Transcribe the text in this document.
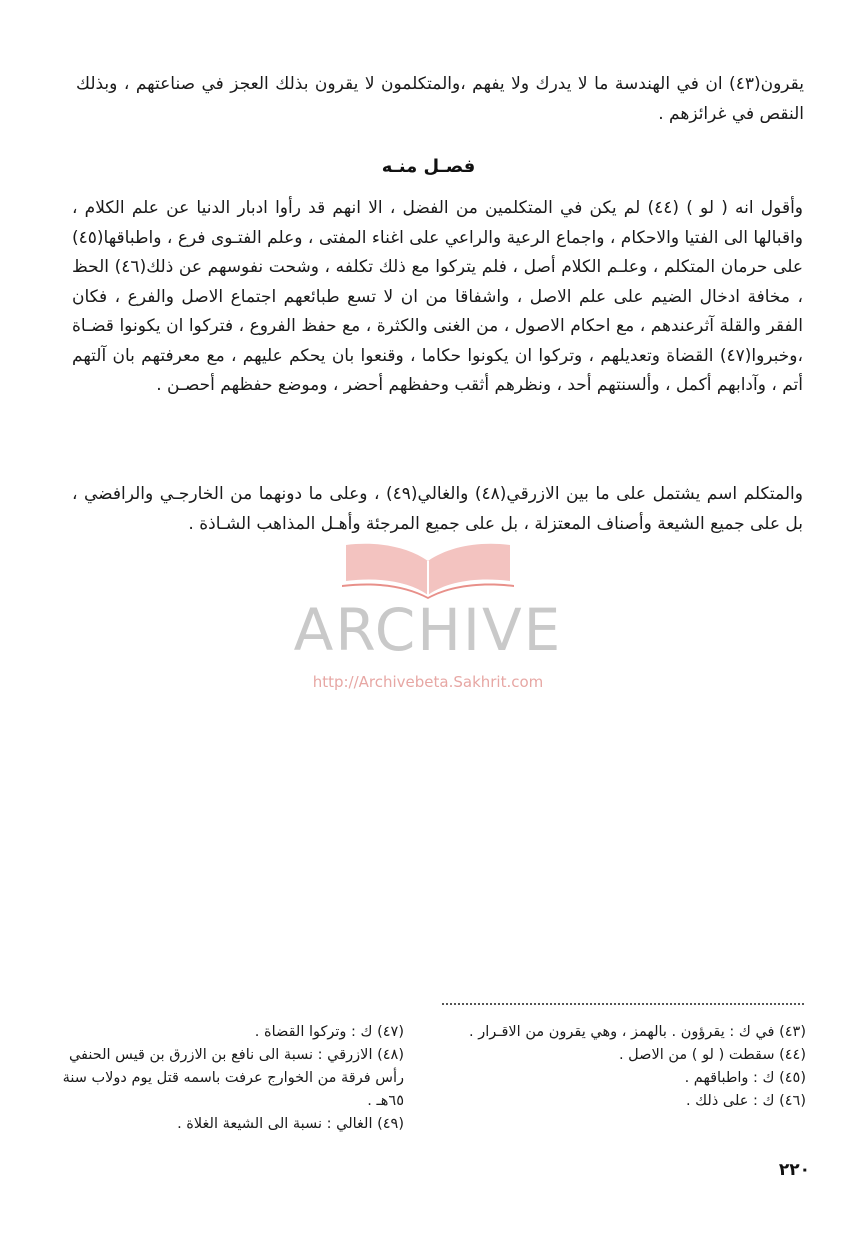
يقرون(٤٣) ان في الهندسة ما لا يدرك ولا يفهم ،والمتكلمون لا يقرون بذلك العجز في صناعتهم ، وبذلك النقص في غرائزهم .

فصـل منـه

وأقول انه ( لو ) (٤٤) لم يكن في المتكلمين من الفضل ، الا انهم قد رأوا ادبار الدنيا عن علم الكلام ، واقبالها الى الفتيا والاحكام ، واجماع الرعية والراعي على اغناء المفتى ، وعلم الفتـوى فرع ، واطباقها(٤٥) على حرمان المتكلم ، وعلـم الكلام أصل ، فلم يتركوا مع ذلك تكلفه ، وشحت نفوسهم عن ذلك(٤٦) الحظ ، مخافة ادخال الضيم على علم الاصل ، واشفاقا من ان لا تسع طبائعهم اجتماع الاصل والفرع ، فكان الفقر والقلة آثرعندهم ، مع احكام الاصول ، من الغنى والكثرة ، مع حفظ الفروع ، فتركوا ان يكونوا قضـاة ،وخبروا(٤٧) القضاة وتعديلهم ، وتركوا ان يكونوا حكاما ، وقنعوا بان يحكم عليهم ، مع معرفتهم بان آلتهم أتم ، وآدابهم أكمل ، وألسنتهم أحد ، ونظرهم أثقب وحفظهم أحضر ، وموضع حفظهم أحصـن .

والمتكلم اسم يشتمل على ما بين الازرقي(٤٨) والغالي(٤٩) ، وعلى ما دونهما من الخارجـي والرافضي ، بل على جميع الشيعة وأصناف المعتزلة ، بل على جميع المرجئة وأهـل المذاهب الشـاذة .

ARCHIVE
http://Archivebeta.Sakhrit.com

(٤٣) في ك : يقرؤون . بالهمز ، وهي يقرون من الاقـرار .

(٤٤) سقطت ( لو ) من الاصل .

(٤٥) ك : واطباقهم .

(٤٦) ك : على ذلك .

(٤٧) ك : وتركوا القضاة .

(٤٨) الازرقي : نسبة الى نافع بن الازرق بن قيس الحنفي رأس فرقة من الخوارج عرفت باسمه قتل يوم دولاب سنة ٦٥هـ .

(٤٩) الغالي : نسبة الى الشيعة الغلاة .

٢٢٠
